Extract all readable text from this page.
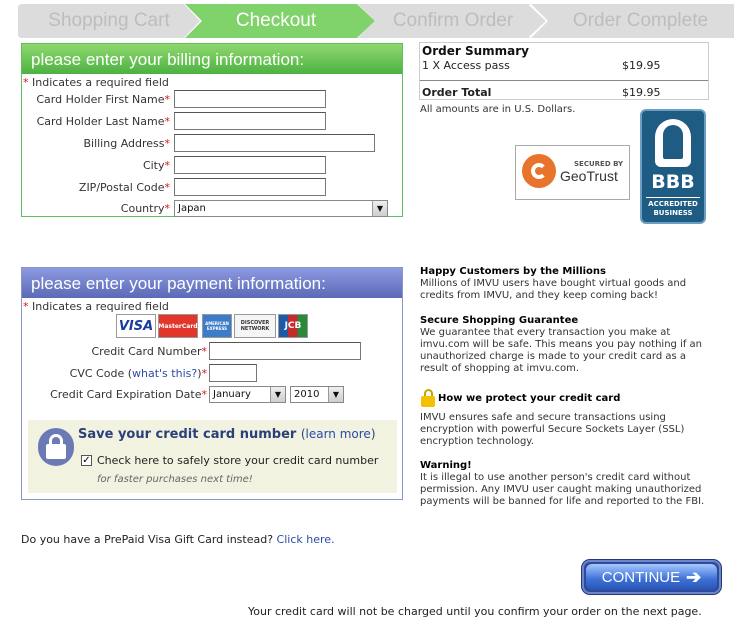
Shopping Cart	Checkout	Confirm Order	Order Complete
please enter your billing information:
* Indicates a required field
Card Holder First Name*
Card Holder Last Name*
Billing Address*
City*
ZIP/Postal Code*
Country* Japan	▼
Order Summary
1 X Access pass	$19.95
Order Total	$19.95
All amounts are in U.S. Dollars.
SECURED BY
GeoTrust	BBB
ACCREDITED
BUSINESS
please enter your payment information:
* Indicates a required field
VISA MasterCard	AMERICAN EXPRESS
DISCOVER NETWORK	JCB
Credit Card Number*
CVC Code (what's this?)*
Credit Card Expiration Date* January	▼	2010	▼
Save your credit card number (learn more)
✓ Check here to safely store your credit card number
for faster purchases next time!
Happy Customers by the Millions
Millions of IMVU users have bought virtual goods and credits from IMVU, and they keep coming back!
Secure Shopping Guarantee
We guarantee that every transaction you make at imvu.com will be safe. This means you pay nothing if an unauthorized charge is made to your credit card as a result of shopping at imvu.com.
How we protect your credit card
IMVU ensures safe and secure transactions using encryption with powerful Secure Sockets Layer (SSL) encryption technology.
Warning!
It is illegal to use another person's credit card without permission. Any IMVU user caught making unauthorized payments will be banned for life and reported to the FBI.
Do you have a PrePaid Visa Gift Card instead? Click here.
CONTINUE ➔
Your credit card will not be charged until you confirm your order on the next page.
